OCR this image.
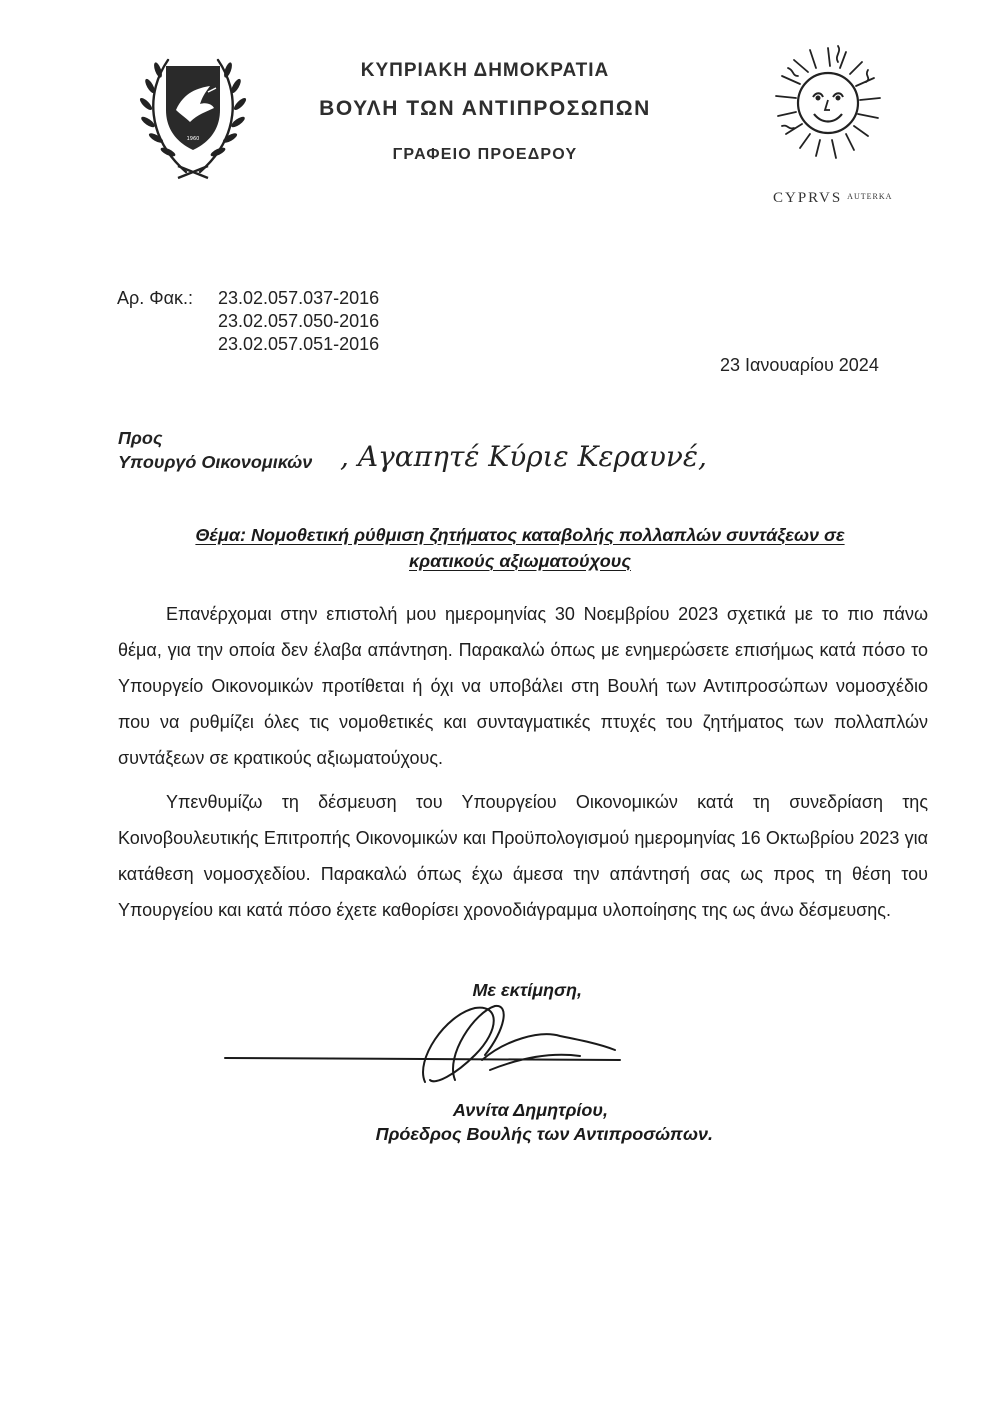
1960
ΚΥΠΡΙΑΚΗ ΔΗΜΟΚΡΑΤΙΑ
ΒΟΥΛΗ ΤΩΝ ΑΝΤΙΠΡΟΣΩΠΩΝ
ΓΡΑΦΕΙΟ ΠΡΟΕΔΡΟΥ
CYPRVS $^{AUTERKA}$
Αρ. Φακ.: 23.02.057.037-2016
23.02.057.050-2016
23.02.057.051-2016
23 Ιανουαρίου 2024
Προς
Υπουργό Οικονομικών , Αγαπητέ Κύριε Κεραυνέ,
Θέμα: Νομοθετική ρύθμιση ζητήματος καταβολής πολλαπλών συντάξεων σε
κρατικούς αξιωματούχους
Επανέρχομαι στην επιστολή μου ημερομηνίας 30 Νοεμβρίου 2023 σχετικά με το πιο πάνω θέμα, για την οποία δεν έλαβα απάντηση. Παρακαλώ όπως με ενημερώσετε επισήμως κατά πόσο το Υπουργείο Οικονομικών προτίθεται ή όχι να υποβάλει στη Βουλή των Αντιπροσώπων νομοσχέδιο που να ρυθμίζει όλες τις νομοθετικές και συνταγματικές πτυχές του ζητήματος των πολλαπλών συντάξεων σε κρατικούς αξιωματούχους.
Υπενθυμίζω τη δέσμευση του Υπουργείου Οικονομικών κατά τη συνεδρίαση της Κοινοβουλευτικής Επιτροπής Οικονομικών και Προϋπολογισμού ημερομηνίας 16 Οκτωβρίου 2023 για κατάθεση νομοσχεδίου. Παρακαλώ όπως έχω άμεσα την απάντησή σας ως προς τη θέση του Υπουργείου και κατά πόσο έχετε καθορίσει χρονοδιάγραμμα υλοποίησης της ως άνω δέσμευσης.
Με εκτίμηση,
Αννίτα Δημητρίου,
Πρόεδρος Βουλής των Αντιπροσώπων.
